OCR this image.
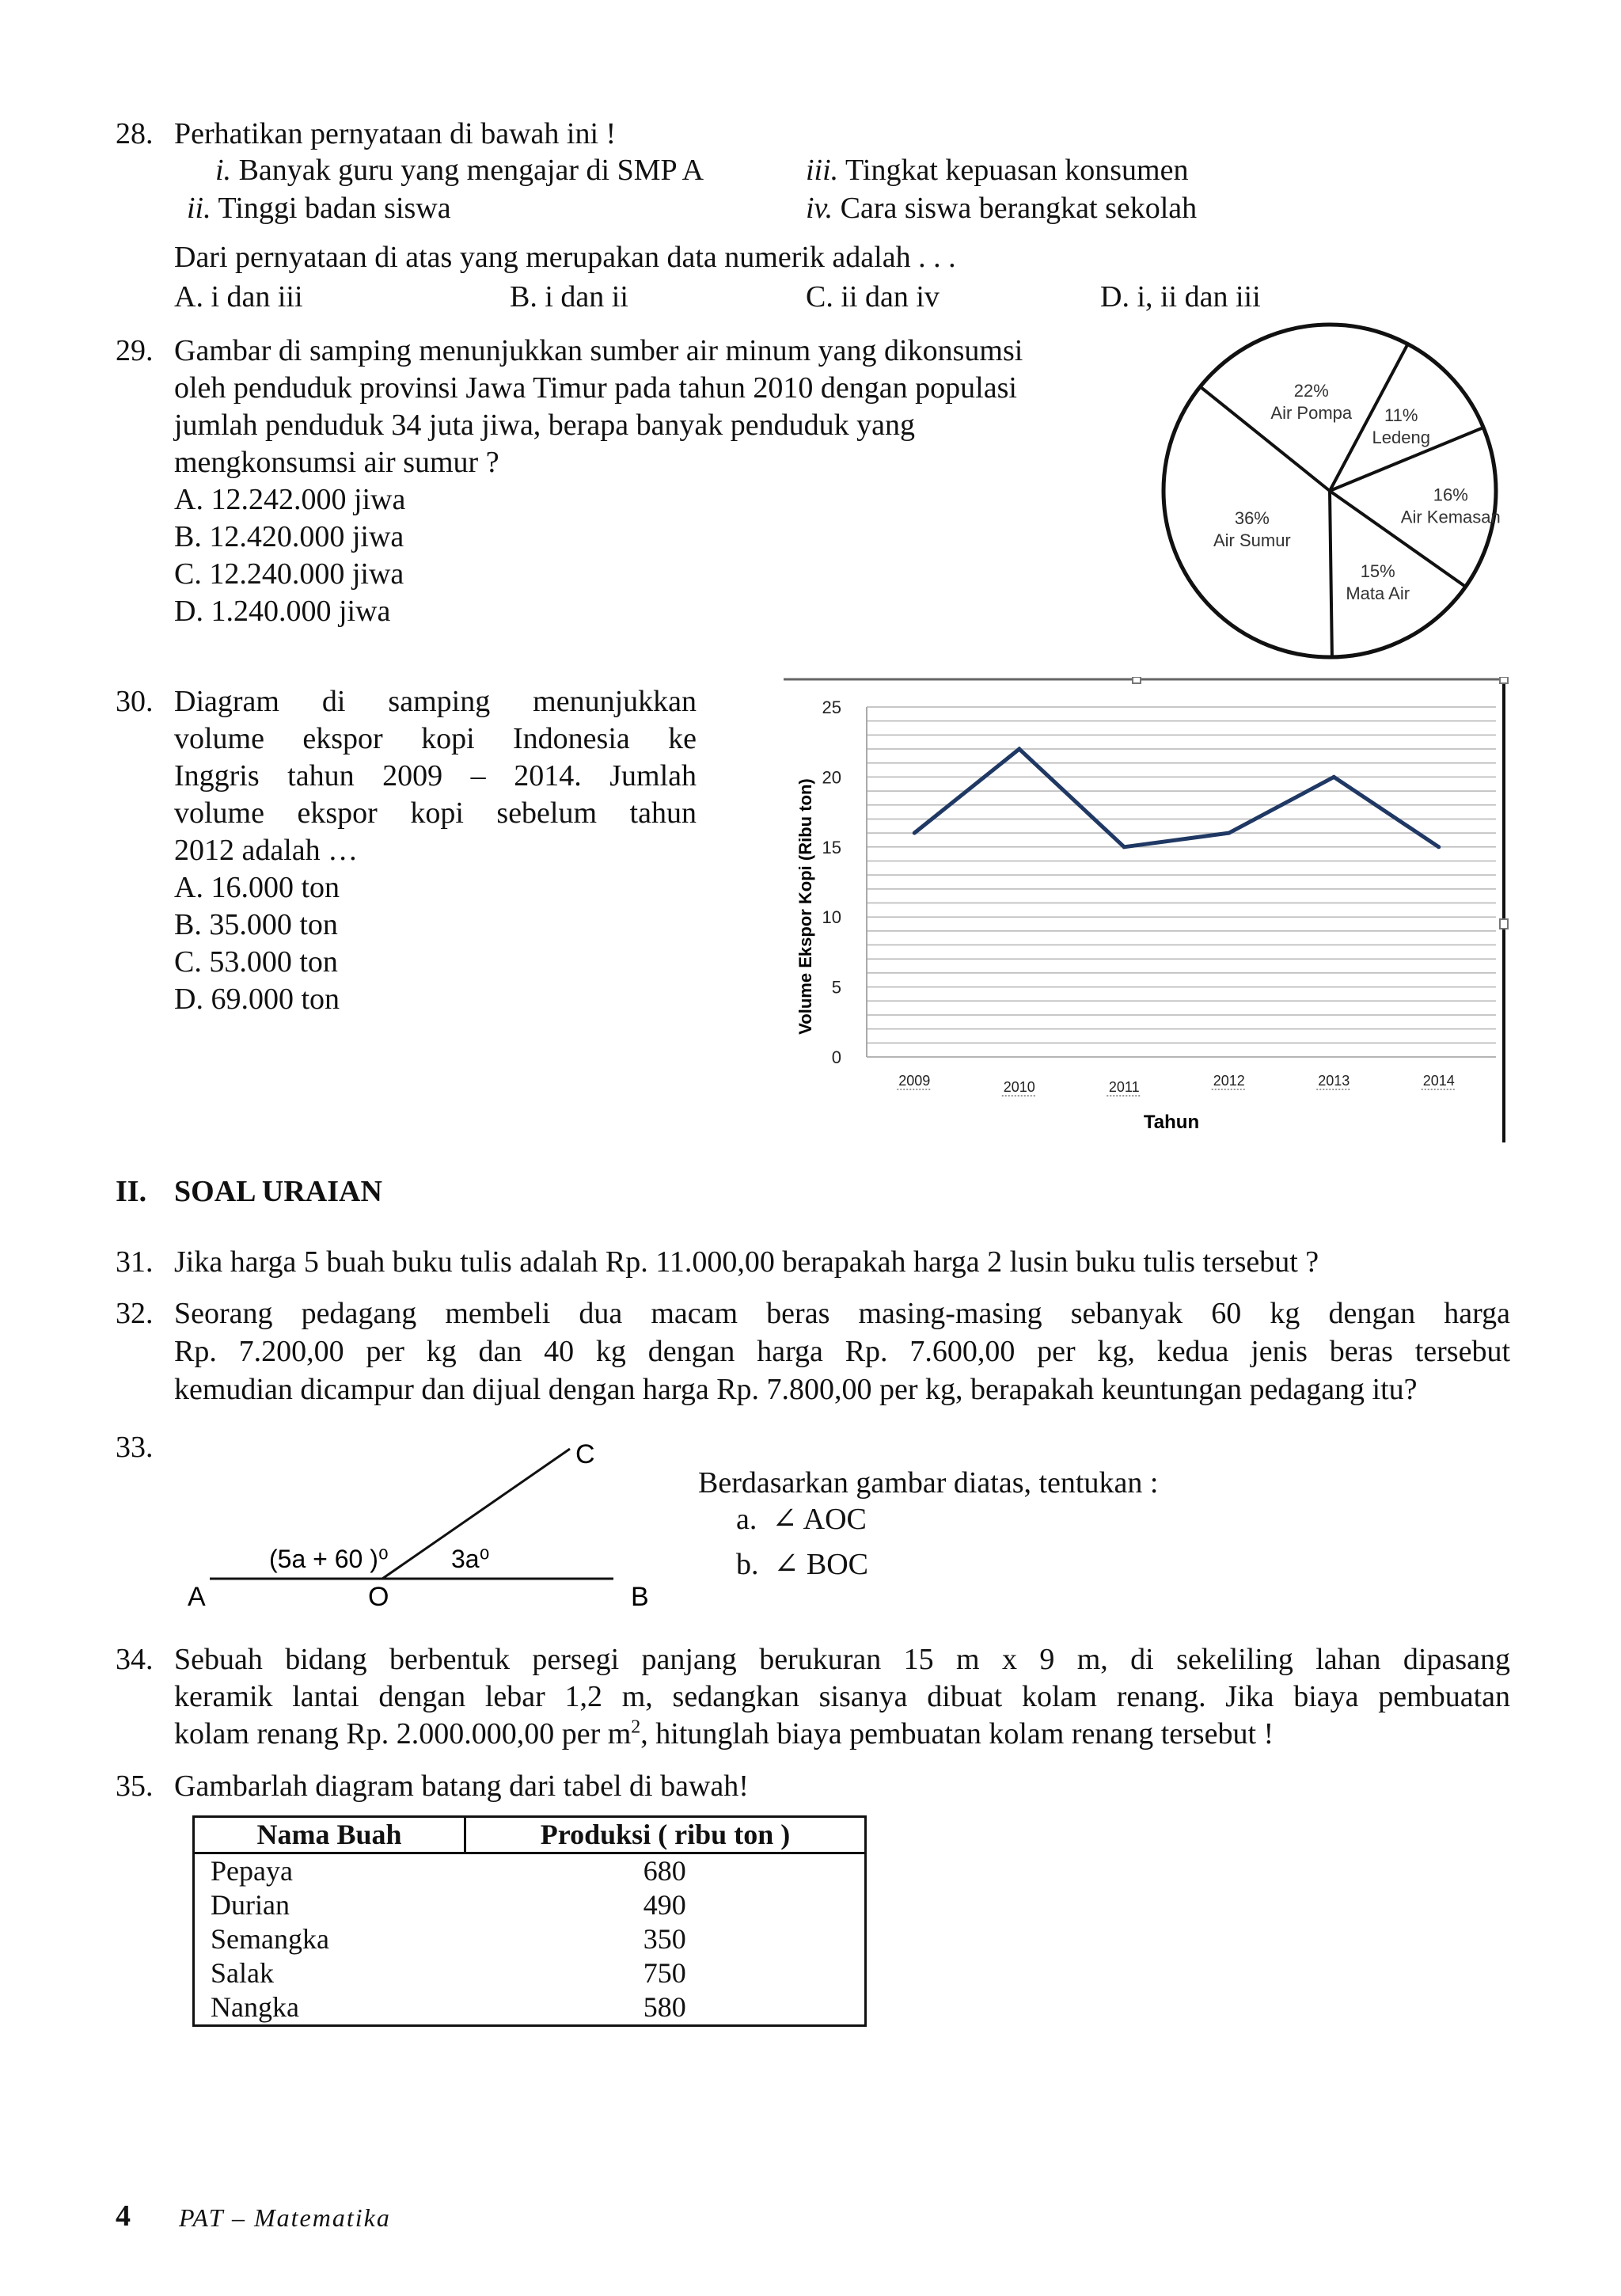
28. Perhatikan pernyataan di bawah ini !
i. Banyak guru yang mengajar di SMP A	iii. Tingkat kepuasan konsumen
ii. Tinggi badan siswa	iv. Cara siswa berangkat sekolah
Dari pernyataan di atas yang merupakan data numerik adalah . . .
A. i dan iii	B. i dan ii	C. ii dan iv	D. i, ii dan iii
29. Gambar di samping menunjukkan sumber air minum yang dikonsumsi
oleh penduduk provinsi Jawa Timur pada tahun 2010 dengan populasi
jumlah penduduk 34 juta jiwa, berapa banyak penduduk yang
mengkonsumsi air sumur ?
A. 12.242.000 jiwa
B. 12.420.000 jiwa
C. 12.240.000 jiwa
D. 1.240.000 jiwa
11%
Ledeng
16%
Air Kemasan
15%
Mata Air
36%
Air Sumur
22%
Air Pompa
30. Diagram di samping menunjukkan
volume ekspor kopi Indonesia ke
Inggris tahun 2009 – 2014. Jumlah
volume ekspor kopi sebelum tahun
2012 adalah …
A. 16.000 ton
B. 35.000 ton
C. 53.000 ton
D. 69.000 ton
0
5
10
15
20
25
2009	2010	2011	2012	2013	2014
Volume Ekspor Kopi (Ribu ton)
Tahun
II. SOAL URAIAN
31. Jika harga 5 buah buku tulis adalah Rp. 11.000,00 berapakah harga 2 lusin buku tulis tersebut ?
32. Seorang pedagang membeli dua macam beras masing-masing sebanyak 60 kg dengan harga
Rp. 7.200,00 per kg dan 40 kg dengan harga Rp. 7.600,00 per kg, kedua jenis beras tersebut
kemudian dicampur dan dijual dengan harga Rp. 7.800,00 per kg, berapakah keuntungan pedagang itu?
33.
A	O	B
C
(5a + 60 )⁰ 3a⁰
Berdasarkan gambar diatas, tentukan :
a. ∠ AOC
b. ∠ BOC
34. Sebuah bidang berbentuk persegi panjang berukuran 15 m x 9 m, di sekeliling lahan dipasang
keramik lantai dengan lebar 1,2 m, sedangkan sisanya dibuat kolam renang. Jika biaya pembuatan
kolam renang Rp. 2.000.000,00 per $m^2$, hitunglah biaya pembuatan kolam renang tersebut !
35. Gambarlah diagram batang dari tabel di bawah!
Nama Buah	Produksi ( ribu ton )
Pepaya	680
Durian	490
Semangka	350
Salak	750
Nangka	580
4 PAT – Matematika
